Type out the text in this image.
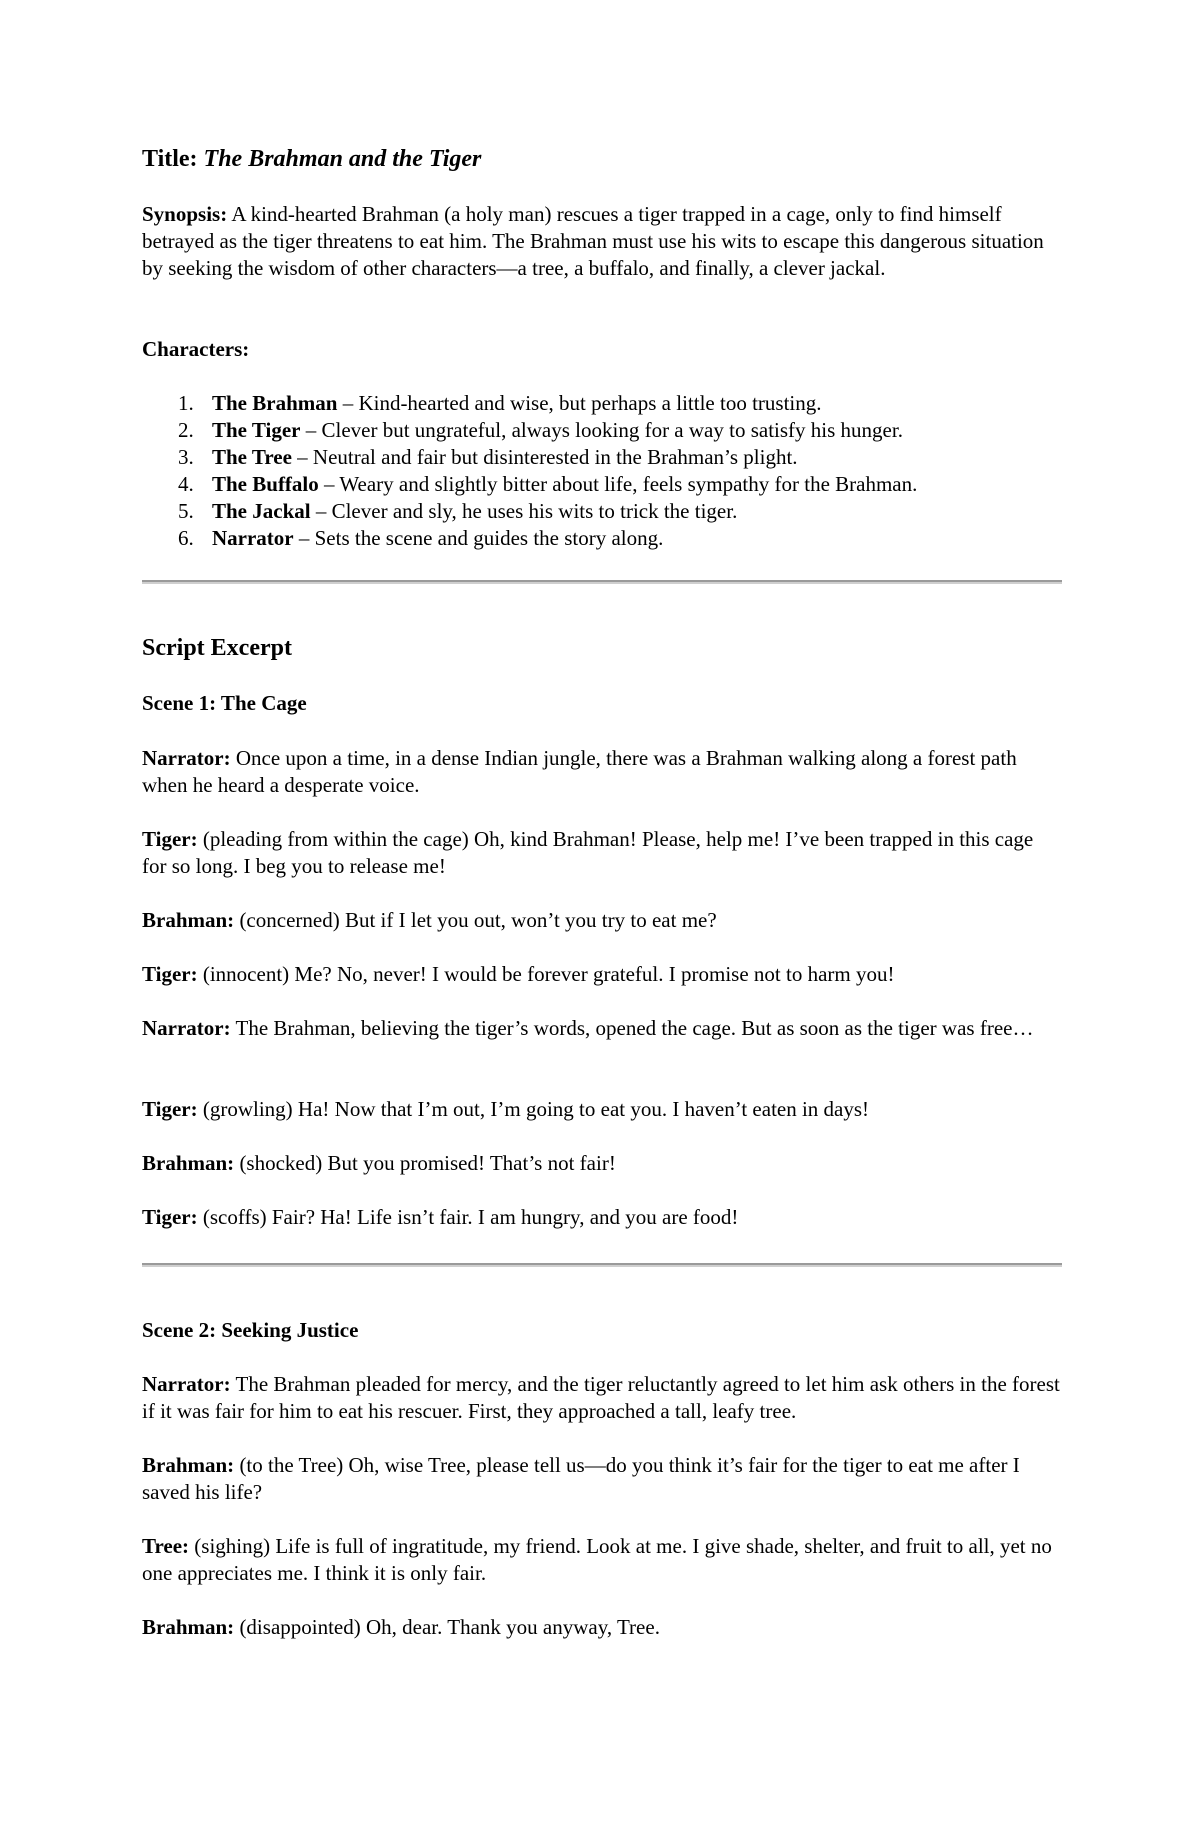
Title: The Brahman and the Tiger

Synopsis: A kind-hearted Brahman (a holy man) rescues a tiger trapped in a cage, only to find himself betrayed as the tiger threatens to eat him. The Brahman must use his wits to escape this dangerous situation by seeking the wisdom of other characters—a tree, a buffalo, and finally, a clever jackal.

Characters:

1. The Brahman – Kind-hearted and wise, but perhaps a little too trusting.
2. The Tiger – Clever but ungrateful, always looking for a way to satisfy his hunger.
3. The Tree – Neutral and fair but disinterested in the Brahman’s plight.
4. The Buffalo – Weary and slightly bitter about life, feels sympathy for the Brahman.
5. The Jackal – Clever and sly, he uses his wits to trick the tiger.
6. Narrator – Sets the scene and guides the story along.

Script Excerpt

Scene 1: The Cage

Narrator: Once upon a time, in a dense Indian jungle, there was a Brahman walking along a forest path when he heard a desperate voice.

Tiger: (pleading from within the cage) Oh, kind Brahman! Please, help me! I’ve been trapped in this cage for so long. I beg you to release me!

Brahman: (concerned) But if I let you out, won’t you try to eat me?

Tiger: (innocent) Me? No, never! I would be forever grateful. I promise not to harm you!

Narrator: The Brahman, believing the tiger’s words, opened the cage. But as soon as the tiger was free…

Tiger: (growling) Ha! Now that I’m out, I’m going to eat you. I haven’t eaten in days!

Brahman: (shocked) But you promised! That’s not fair!

Tiger: (scoffs) Fair? Ha! Life isn’t fair. I am hungry, and you are food!

Scene 2: Seeking Justice

Narrator: The Brahman pleaded for mercy, and the tiger reluctantly agreed to let him ask others in the forest if it was fair for him to eat his rescuer. First, they approached a tall, leafy tree.

Brahman: (to the Tree) Oh, wise Tree, please tell us—do you think it’s fair for the tiger to eat me after I saved his life?

Tree: (sighing) Life is full of ingratitude, my friend. Look at me. I give shade, shelter, and fruit to all, yet no one appreciates me. I think it is only fair.

Brahman: (disappointed) Oh, dear. Thank you anyway, Tree.
